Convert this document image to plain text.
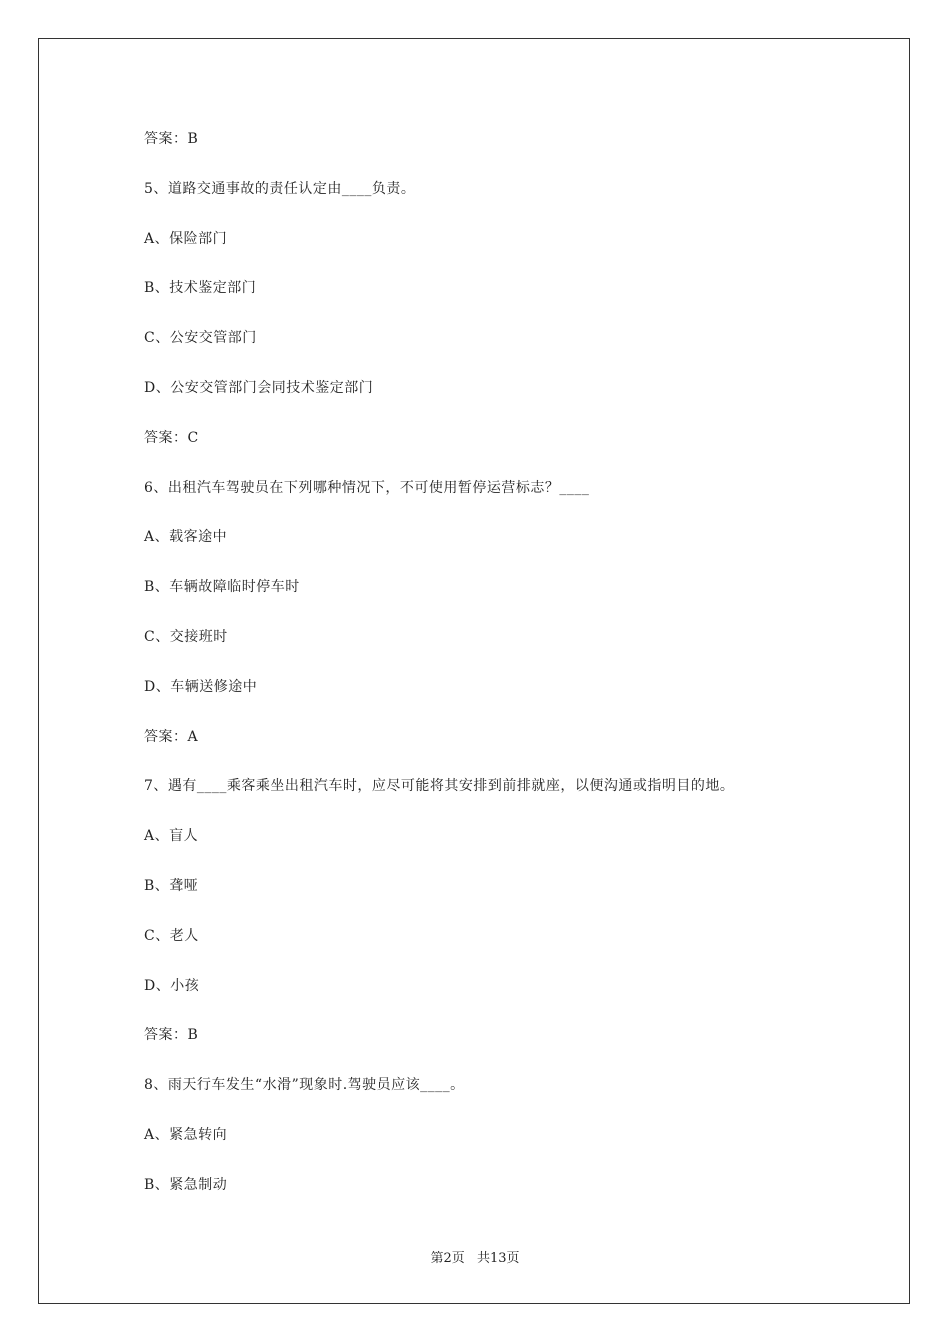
答案：B
5、道路交通事故的责任认定由____负责。
A、保险部门
B、技术鉴定部门
C、公安交管部门
D、公安交管部门会同技术鉴定部门
答案：C
6、出租汽车驾驶员在下列哪种情况下，不可使用暂停运营标志？____
A、载客途中
B、车辆故障临时停车时
C、交接班时
D、车辆送修途中
答案：A
7、遇有____乘客乘坐出租汽车时，应尽可能将其安排到前排就座，以便沟通或指明目的地。
A、盲人
B、聋哑
C、老人
D、小孩
答案：B
8、雨天行车发生“水滑”现象时.驾驶员应该____。
A、紧急转向
B、紧急制动
第2页 共13页
